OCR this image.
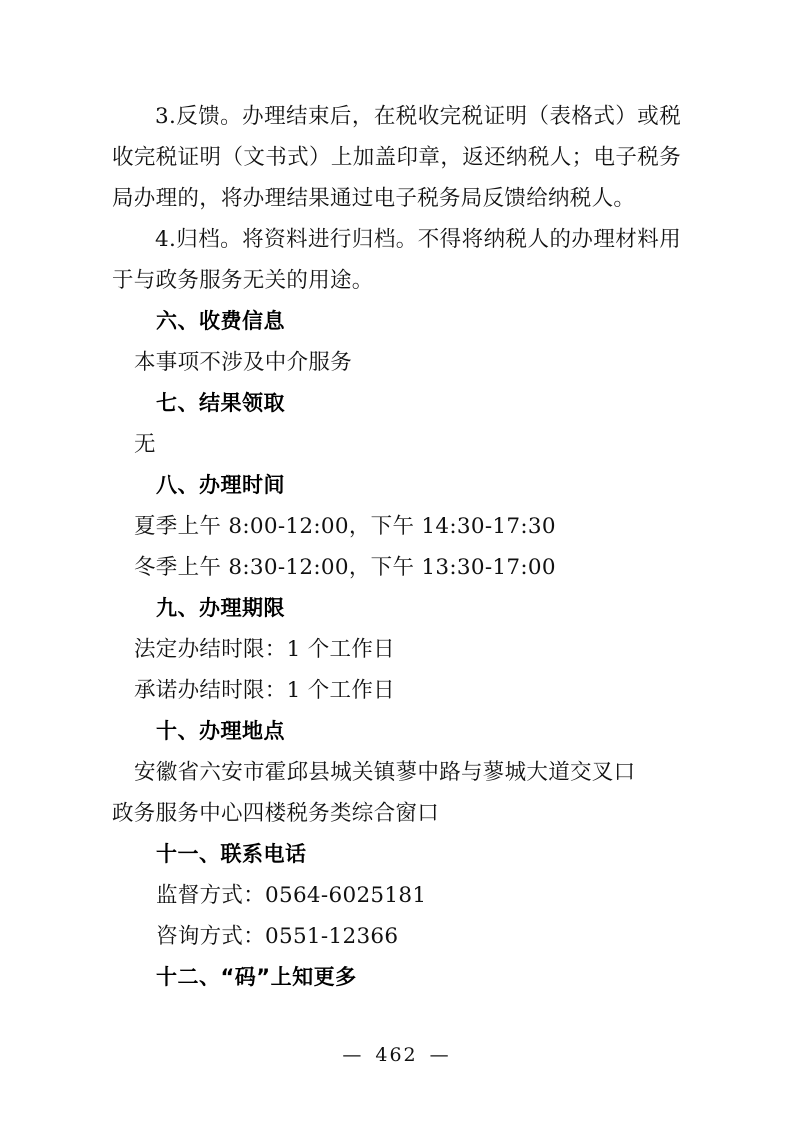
3.反馈。办理结束后，在税收完税证明（表格式）或税收完税证明（文书式）上加盖印章，返还纳税人；电子税务局办理的，将办理结果通过电子税务局反馈给纳税人。

4.归档。将资料进行归档。不得将纳税人的办理材料用于与政务服务无关的用途。

六、收费信息

本事项不涉及中介服务

七、结果领取

无

八、办理时间

夏季上午 8:00-12:00，下午 14:30-17:30

冬季上午 8:30-12:00，下午 13:30-17:00

九、办理期限

法定办结时限：1 个工作日

承诺办结时限：1 个工作日

十、办理地点

安徽省六安市霍邱县城关镇蓼中路与蓼城大道交叉口

政务服务中心四楼税务类综合窗口

十一、联系电话

监督方式：0564-6025181

咨询方式：0551-12366

十二、“码”上知更多
— 462 —
